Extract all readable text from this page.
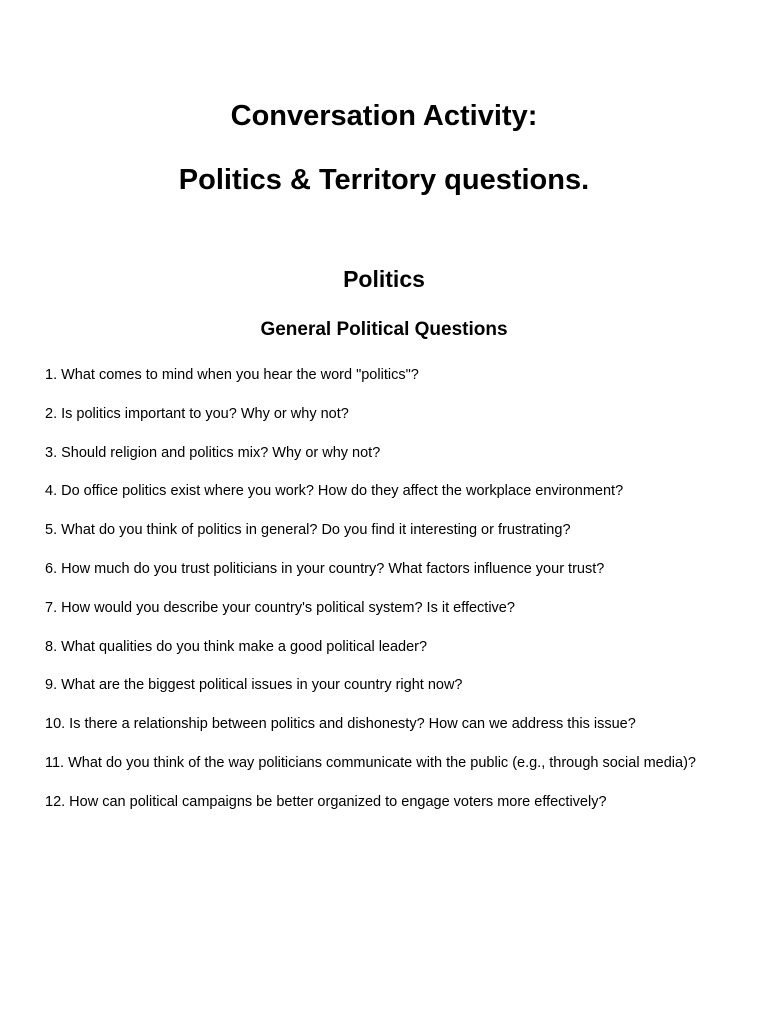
Conversation Activity:
Politics & Territory questions.
Politics
General Political Questions
1. What comes to mind when you hear the word "politics"?
2. Is politics important to you? Why or why not?
3. Should religion and politics mix? Why or why not?
4. Do office politics exist where you work? How do they affect the workplace environment?
5. What do you think of politics in general? Do you find it interesting or frustrating?
6. How much do you trust politicians in your country? What factors influence your trust?
7. How would you describe your country's political system? Is it effective?
8. What qualities do you think make a good political leader?
9. What are the biggest political issues in your country right now?
10. Is there a relationship between politics and dishonesty? How can we address this issue?
11. What do you think of the way politicians communicate with the public (e.g., through social media)?
12. How can political campaigns be better organized to engage voters more effectively?
